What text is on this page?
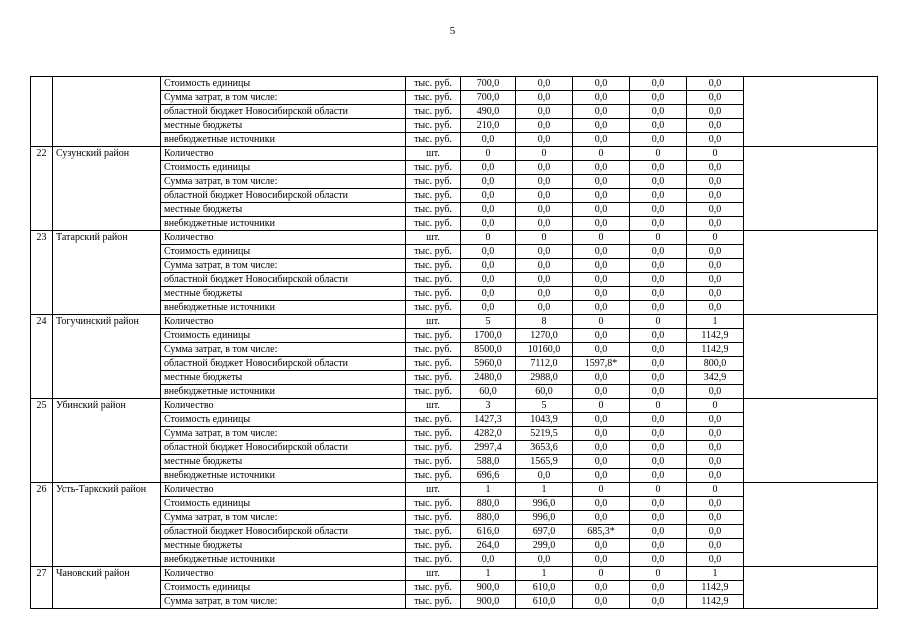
5
		Стоимость единицы	тыс. руб.	700,0	0,0	0,0	0,0	0,0	
		Сумма затрат, в том числе:	тыс. руб.	700,0	0,0	0,0	0,0	0,0	
		областной бюджет Новосибирской области	тыс. руб.	490,0	0,0	0,0	0,0	0,0	
		местные бюджеты	тыс. руб.	210,0	0,0	0,0	0,0	0,0	
		внебюджетные источники	тыс. руб.	0,0	0,0	0,0	0,0	0,0	
22	Сузунский район	Количество	шт.	0	0	0	0	0	
		Стоимость единицы	тыс. руб.	0,0	0,0	0,0	0,0	0,0	
		Сумма затрат, в том числе:	тыс. руб.	0,0	0,0	0,0	0,0	0,0	
		областной бюджет Новосибирской области	тыс. руб.	0,0	0,0	0,0	0,0	0,0	
		местные бюджеты	тыс. руб.	0,0	0,0	0,0	0,0	0,0	
		внебюджетные источники	тыс. руб.	0,0	0,0	0,0	0,0	0,0	
23	Татарский район	Количество	шт.	0	0	0	0	0	
		Стоимость единицы	тыс. руб.	0,0	0,0	0,0	0,0	0,0	
		Сумма затрат, в том числе:	тыс. руб.	0,0	0,0	0,0	0,0	0,0	
		областной бюджет Новосибирской области	тыс. руб.	0,0	0,0	0,0	0,0	0,0	
		местные бюджеты	тыс. руб.	0,0	0,0	0,0	0,0	0,0	
		внебюджетные источники	тыс. руб.	0,0	0,0	0,0	0,0	0,0	
24	Тогучинский район	Количество	шт.	5	8	0	0	1	
		Стоимость единицы	тыс. руб.	1700,0	1270,0	0,0	0,0	1142,9	
		Сумма затрат, в том числе:	тыс. руб.	8500,0	10160,0	0,0	0,0	1142,9	
		областной бюджет Новосибирской области	тыс. руб.	5960,0	7112,0	1597,8*	0,0	800,0	
		местные бюджеты	тыс. руб.	2480,0	2988,0	0,0	0,0	342,9	
		внебюджетные источники	тыс. руб.	60,0	60,0	0,0	0,0	0,0	
25	Убинский район	Количество	шт.	3	5	0	0	0	
		Стоимость единицы	тыс. руб.	1427,3	1043,9	0,0	0,0	0,0	
		Сумма затрат, в том числе:	тыс. руб.	4282,0	5219,5	0,0	0,0	0,0	
		областной бюджет Новосибирской области	тыс. руб.	2997,4	3653,6	0,0	0,0	0,0	
		местные бюджеты	тыс. руб.	588,0	1565,9	0,0	0,0	0,0	
		внебюджетные источники	тыс. руб.	696,6	0,0	0,0	0,0	0,0	
26	Усть-Таркский район	Количество	шт.	1	1	0	0	0	
		Стоимость единицы	тыс. руб.	880,0	996,0	0,0	0,0	0,0	
		Сумма затрат, в том числе:	тыс. руб.	880,0	996,0	0,0	0,0	0,0	
		областной бюджет Новосибирской области	тыс. руб.	616,0	697,0	685,3*	0,0	0,0	
		местные бюджеты	тыс. руб.	264,0	299,0	0,0	0,0	0,0	
		внебюджетные источники	тыс. руб.	0,0	0,0	0,0	0,0	0,0	
27	Чановский район	Количество	шт.	1	1	0	0	1	
		Стоимость единицы	тыс. руб.	900,0	610,0	0,0	0,0	1142,9	
		Сумма затрат, в том числе:	тыс. руб.	900,0	610,0	0,0	0,0	1142,9	
